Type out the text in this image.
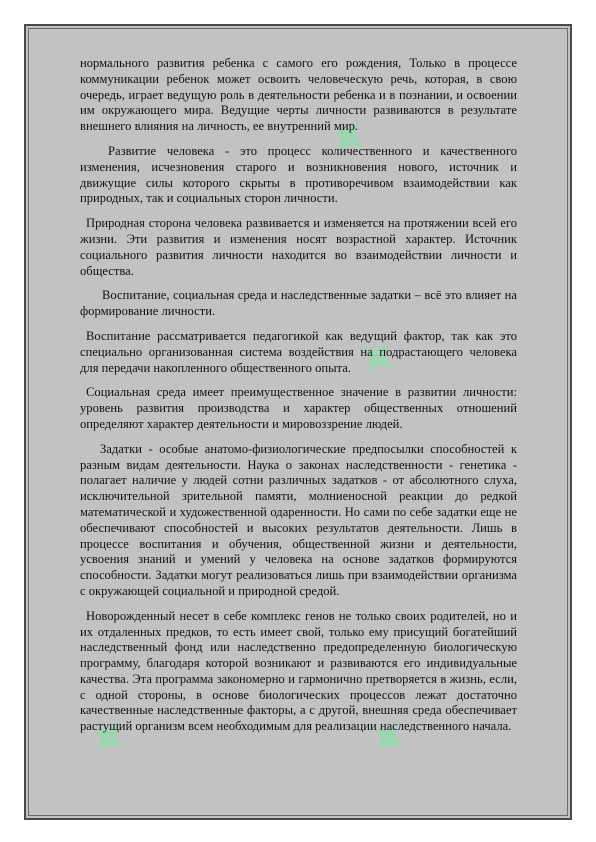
✦
✦
✦	✦

нормального развития ребенка с самого его рождения, Только в процессе коммуникации ребенок может освоить человеческую речь, которая, в свою очередь, играет ведущую роль в деятельности ребенка и в познании, и освоении им окружающего мира. Ведущие черты личности развиваются в результате внешнего влияния на личность, ее внутренний мир.

Развитие человека - это процесс количественного и качественного изменения, исчезновения старого и возникновения нового, источник и движущие силы которого скрыты в противоречивом взаимодействии как природных, так и социальных сторон личности.

Природная сторона человека развивается и изменяется на протяжении всей его жизни. Эти развития и изменения носят возрастной характер. Источник социального развития личности находится во взаимодействии личности и общества.

Воспитание, социальная среда и наследственные задатки – всё это влияет на формирование личности.

Воспитание рассматривается педагогикой как ведущий фактор, так как это специально организованная система воздействия на подрастающего человека для передачи накопленного общественного опыта.

Социальная среда имеет преимущественное значение в развитии личности: уровень развития производства и характер общественных отношений определяют характер деятельности и мировоззрение людей.

Задатки - особые анатомо-физиологические предпосылки способностей к разным видам деятельности. Наука о законах наследственности - генетика - полагает наличие у людей сотни различных задатков - от абсолютного слуха, исключительной зрительной памяти, молниеносной реакции до редкой математической и художественной одаренности. Но сами по себе задатки еще не обеспечивают способностей и высоких результатов деятельности. Лишь в процессе воспитания и обучения, общественной жизни и деятельности, усвоения знаний и умений у человека на основе задатков формируются способности. Задатки могут реализоваться лишь при взаимодействии организма с окружающей социальной и природной средой.

Новорожденный несет в себе комплекс генов не только своих родителей, но и их отдаленных предков, то есть имеет свой, только ему присущий богатейший наследственный фонд или наследственно предопределенную биологическую программу, благодаря которой возникают и развиваются его индивидуальные качества. Эта программа закономерно и гармонично претворяется в жизнь, если, с одной стороны, в основе биологических процессов лежат достаточно качественные наследственные факторы, а с другой, внешняя среда обеспечивает растущий организм всем необходимым для реализации наследственного начала.
